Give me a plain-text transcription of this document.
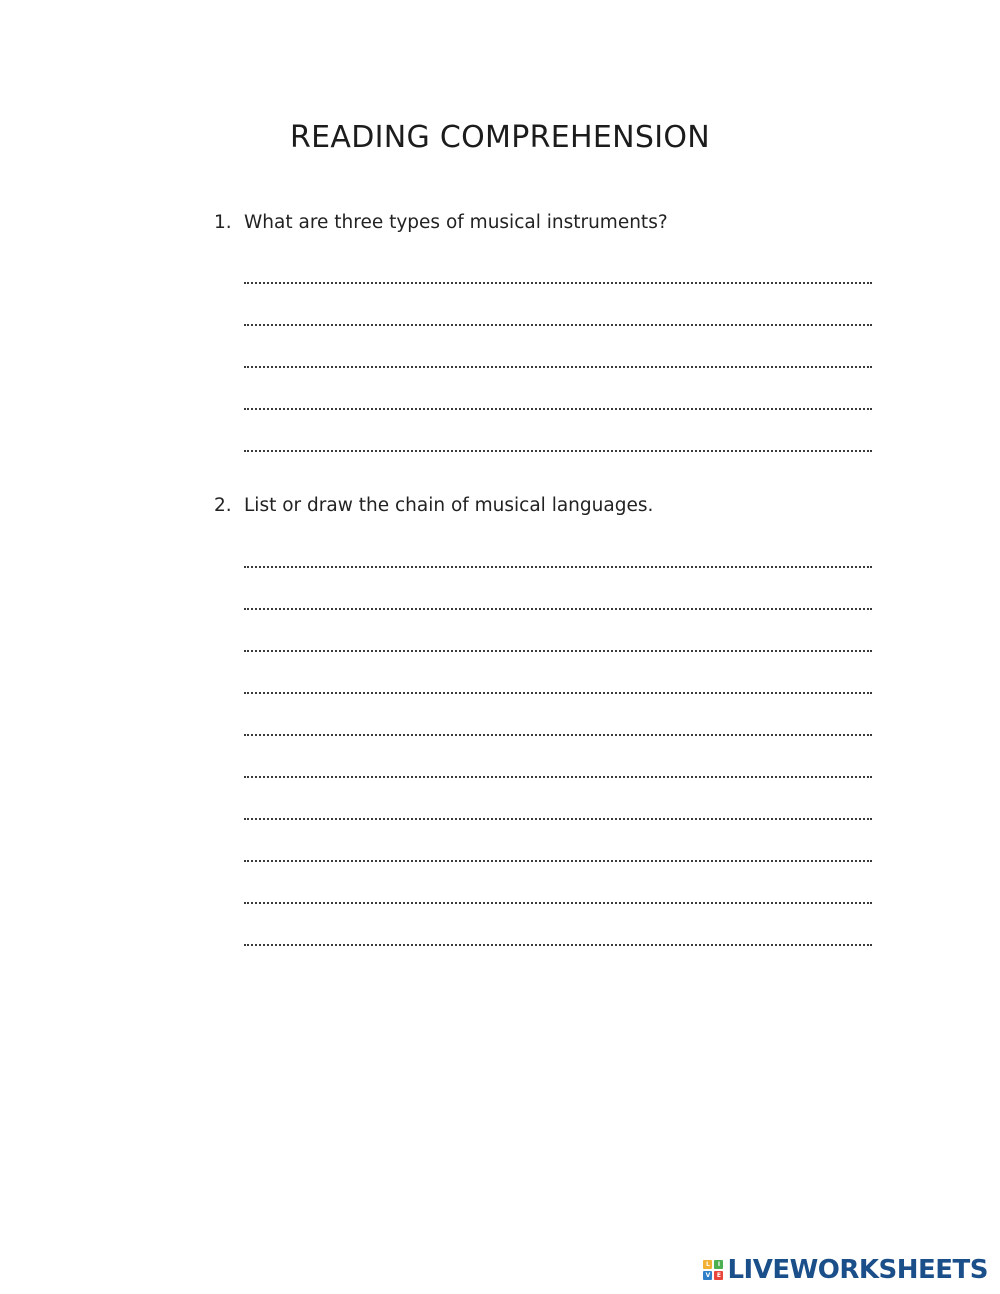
READING COMPREHENSION
1. What are three types of musical instruments?
2. List or draw the chain of musical languages.
L	I
V	E LIVEWORKSHEETS
